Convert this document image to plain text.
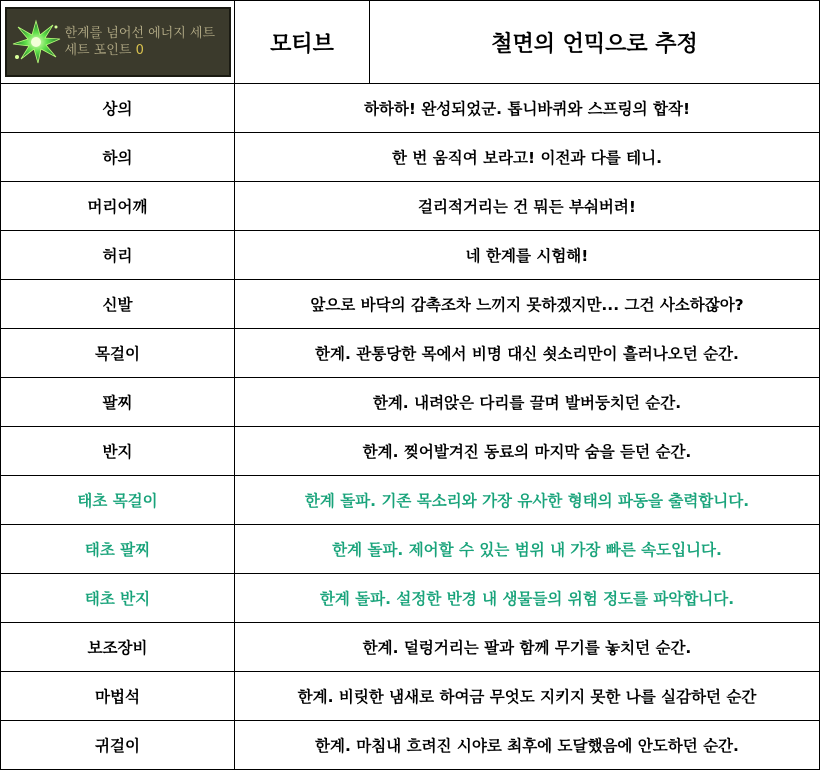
한계를 넘어선 에너지 세트
세트 포인트 0	모티브	철면의 언믹으로 추정
상의	하하하! 완성되었군. 톱니바퀴와 스프링의 합작!	
하의	한 번 움직여 보라고! 이전과 다를 테니.	
머리어깨	걸리적거리는 건 뭐든 부숴버려!	
허리	네 한계를 시험해!	
신발	앞으로 바닥의 감촉조차 느끼지 못하겠지만... 그건 사소하잖아?	
목걸이	한계. 관통당한 목에서 비명 대신 쇳소리만이 흘러나오던 순간.	
팔찌	한계. 내려앉은 다리를 끌며 발버둥치던 순간.	
반지	한계. 찢어발겨진 동료의 마지막 숨을 듣던 순간.	
태초 목걸이	한계 돌파. 기존 목소리와 가장 유사한 형태의 파동을 출력합니다.	
태초 팔찌	한계 돌파. 제어할 수 있는 범위 내 가장 빠른 속도입니다.	
태초 반지	한계 돌파. 설정한 반경 내 생물들의 위험 정도를 파악합니다.	
보조장비	한계. 덜렁거리는 팔과 함께 무기를 놓치던 순간.	
마법석	한계. 비릿한 냄새로 하여금 무엇도 지키지 못한 나를 실감하던 순간	
귀걸이	한계. 마침내 흐려진 시야로 최후에 도달했음에 안도하던 순간.	
